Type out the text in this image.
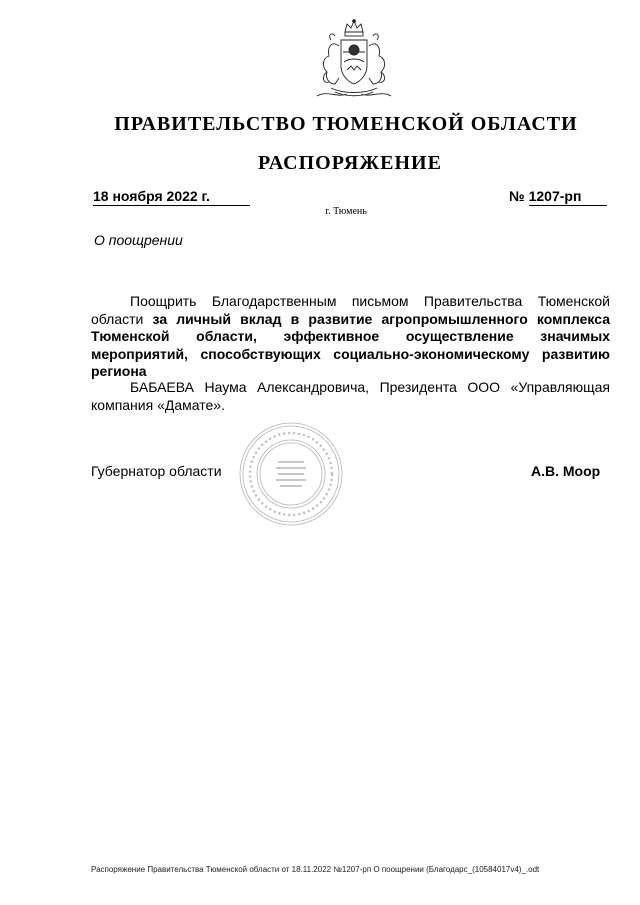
ПРАВИТЕЛЬСТВО ТЮМЕНСКОЙ ОБЛАСТИ
РАСПОРЯЖЕНИЕ
18 ноября 2022 г.	№ 1207-рп
г. Тюмень
О поощрении
Поощрить Благодарственным письмом Правительства Тюменской области за личный вклад в развитие агропромышленного комплекса Тюменской области, эффективное осуществление значимых мероприятий, способствующих социально-экономическому развитию региона
БАБАЕВА Наума Александровича, Президента ООО «Управляющая компания «Дамате».
Губернатор области	А.В. Моор
Распоряжение Правительства Тюменской области от 18.11.2022 №1207-рп О поощрении (Благодарс_(10584017v4)_.odt
